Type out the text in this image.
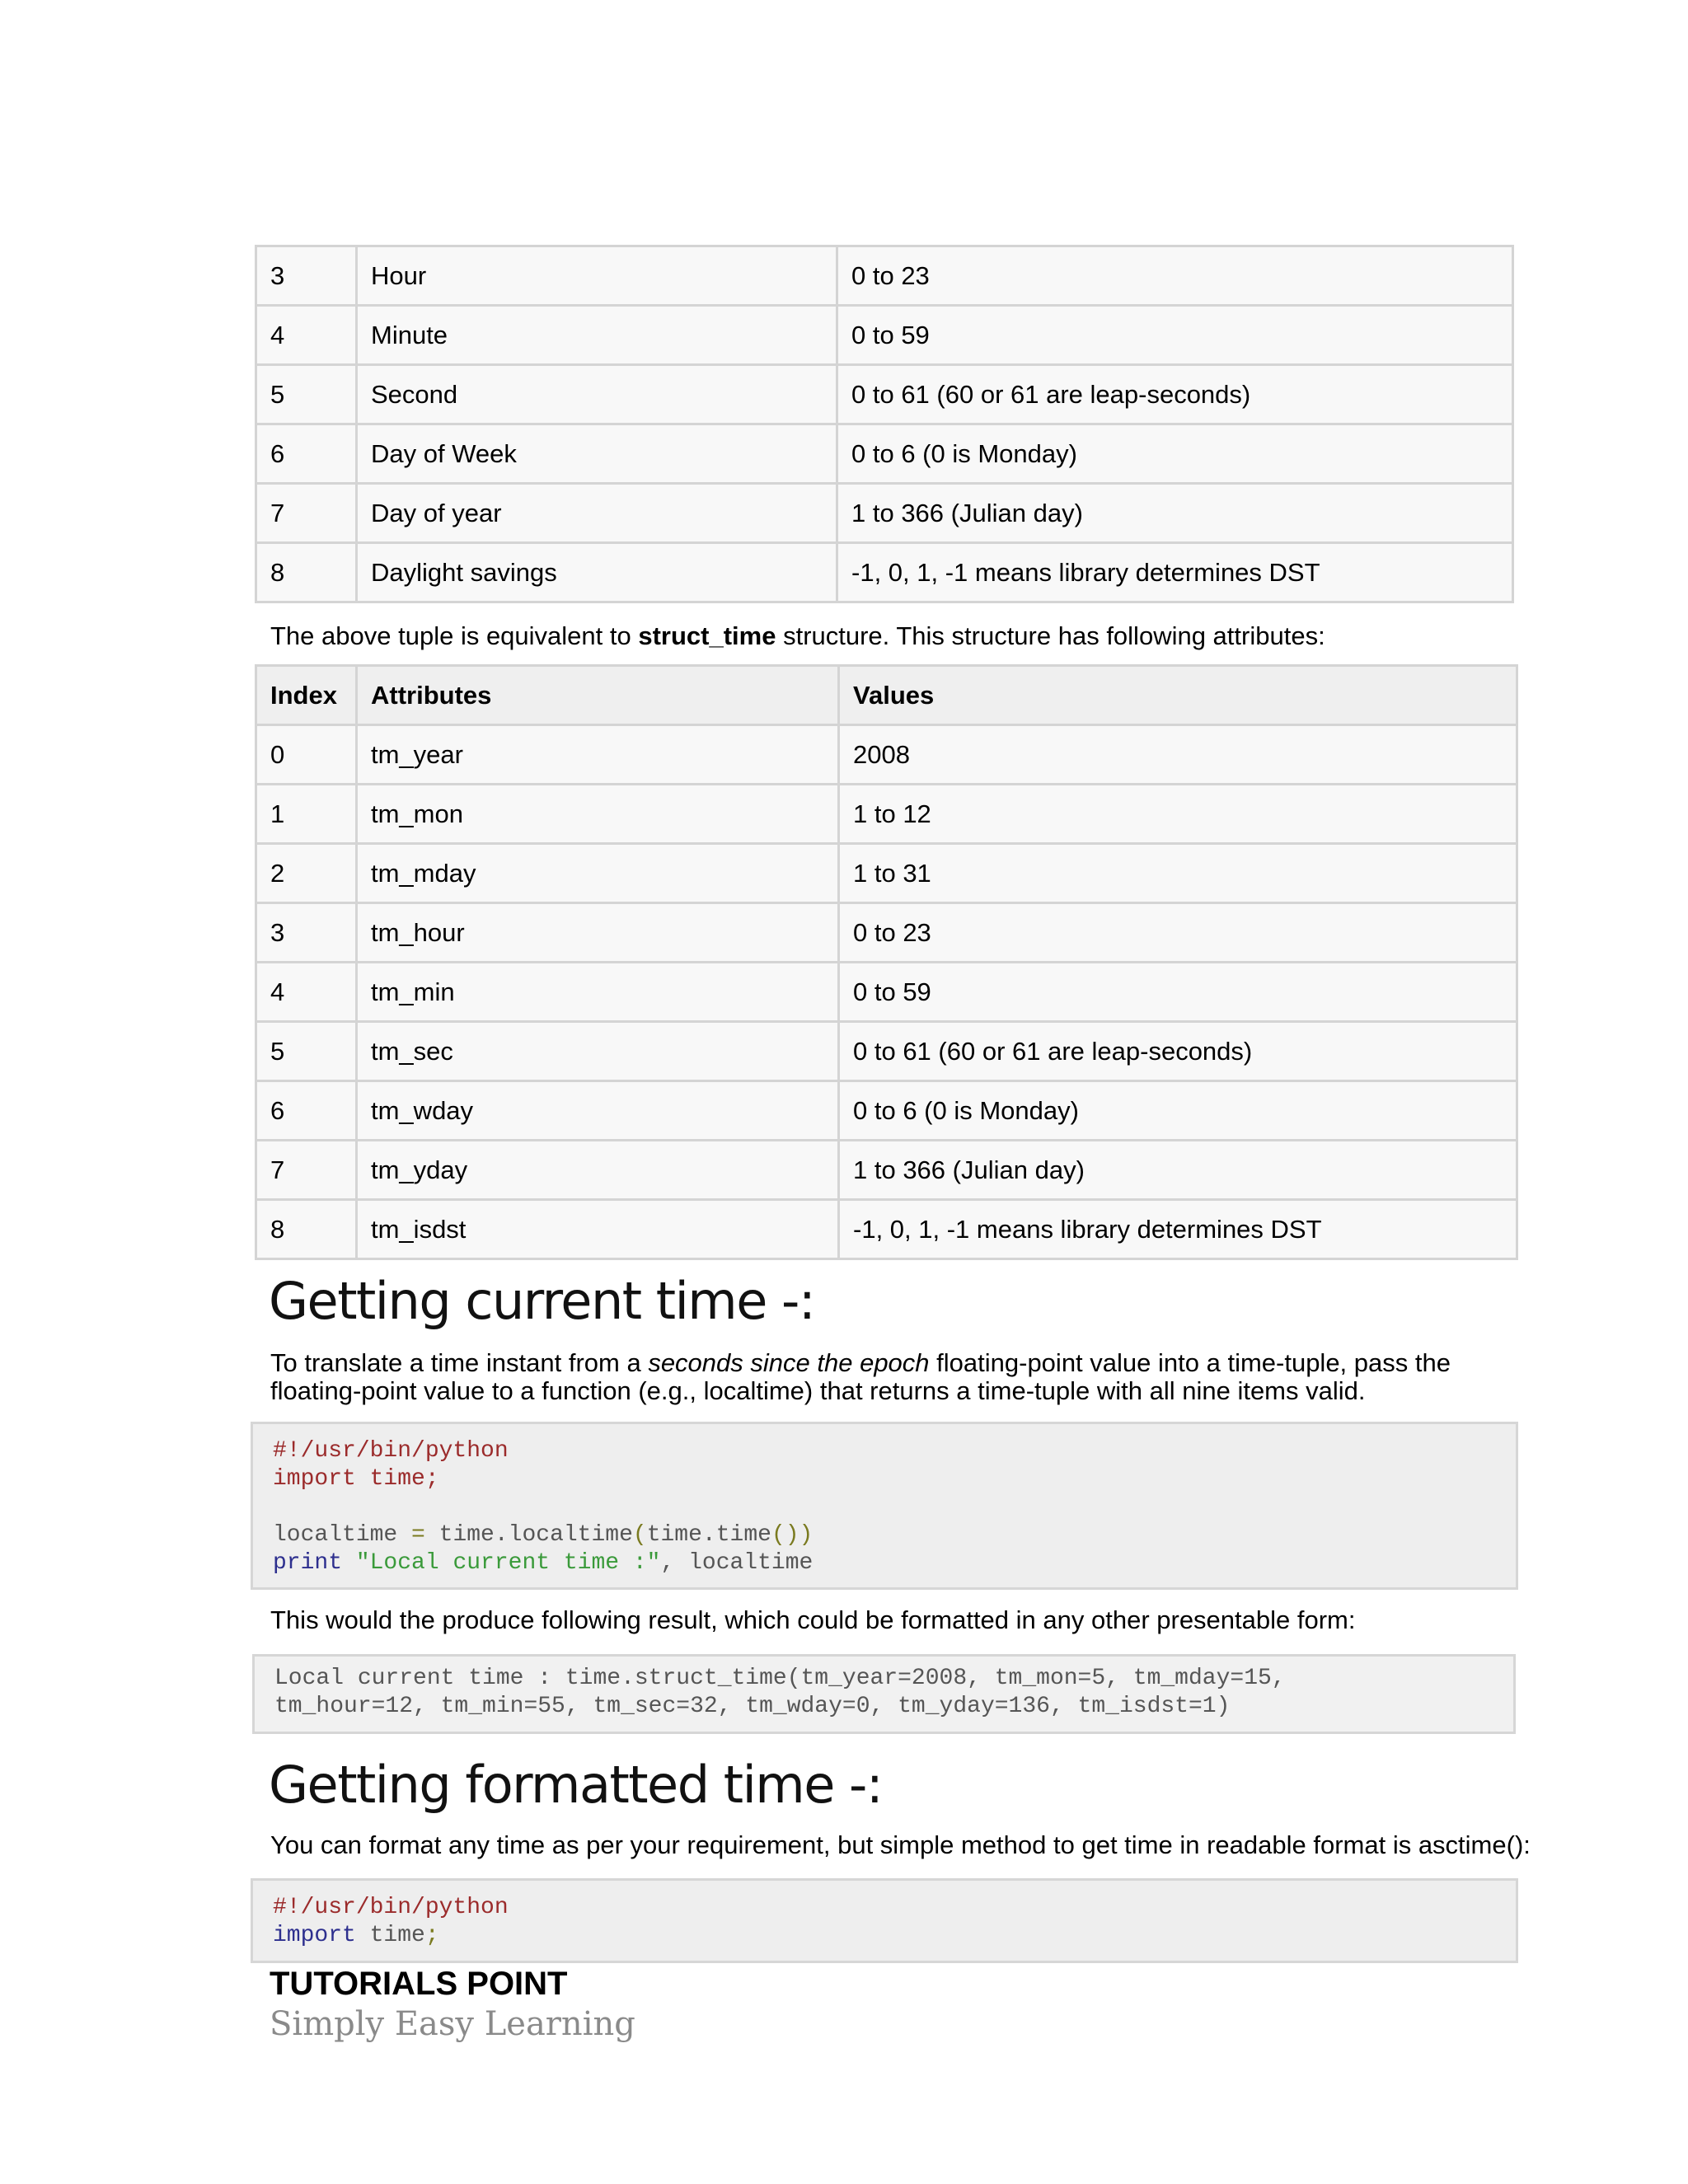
3	Hour	0 to 23
4	Minute	0 to 59
5	Second	0 to 61 (60 or 61 are leap-seconds)
6	Day of Week	0 to 6 (0 is Monday)
7	Day of year	1 to 366 (Julian day)
8	Daylight savings	-1, 0, 1, -1 means library determines DST
The above tuple is equivalent to struct_time structure. This structure has following attributes:
Index	Attributes	Values
0	tm_year	2008
1	tm_mon	1 to 12
2	tm_mday	1 to 31
3	tm_hour	0 to 23
4	tm_min	0 to 59
5	tm_sec	0 to 61 (60 or 61 are leap-seconds)
6	tm_wday	0 to 6 (0 is Monday)
7	tm_yday	1 to 366 (Julian day)
8	tm_isdst	-1, 0, 1, -1 means library determines DST
Getting current time -:
To translate a time instant from a seconds since the epoch floating-point value into a time-tuple, pass the floating-point value to a function (e.g., localtime) that returns a time-tuple with all nine items valid.
#!/usr/bin/python
import time;

localtime = time.localtime(time.time())
print "Local current time :", localtime
This would the produce following result, which could be formatted in any other presentable form:
Local current time : time.struct_time(tm_year=2008, tm_mon=5, tm_mday=15,
tm_hour=12, tm_min=55, tm_sec=32, tm_wday=0, tm_yday=136, tm_isdst=1)
Getting formatted time -:
You can format any time as per your requirement, but simple method to get time in readable format is asctime():
#!/usr/bin/python
import time;
TUTORIALS POINT
Simply Easy Learning
